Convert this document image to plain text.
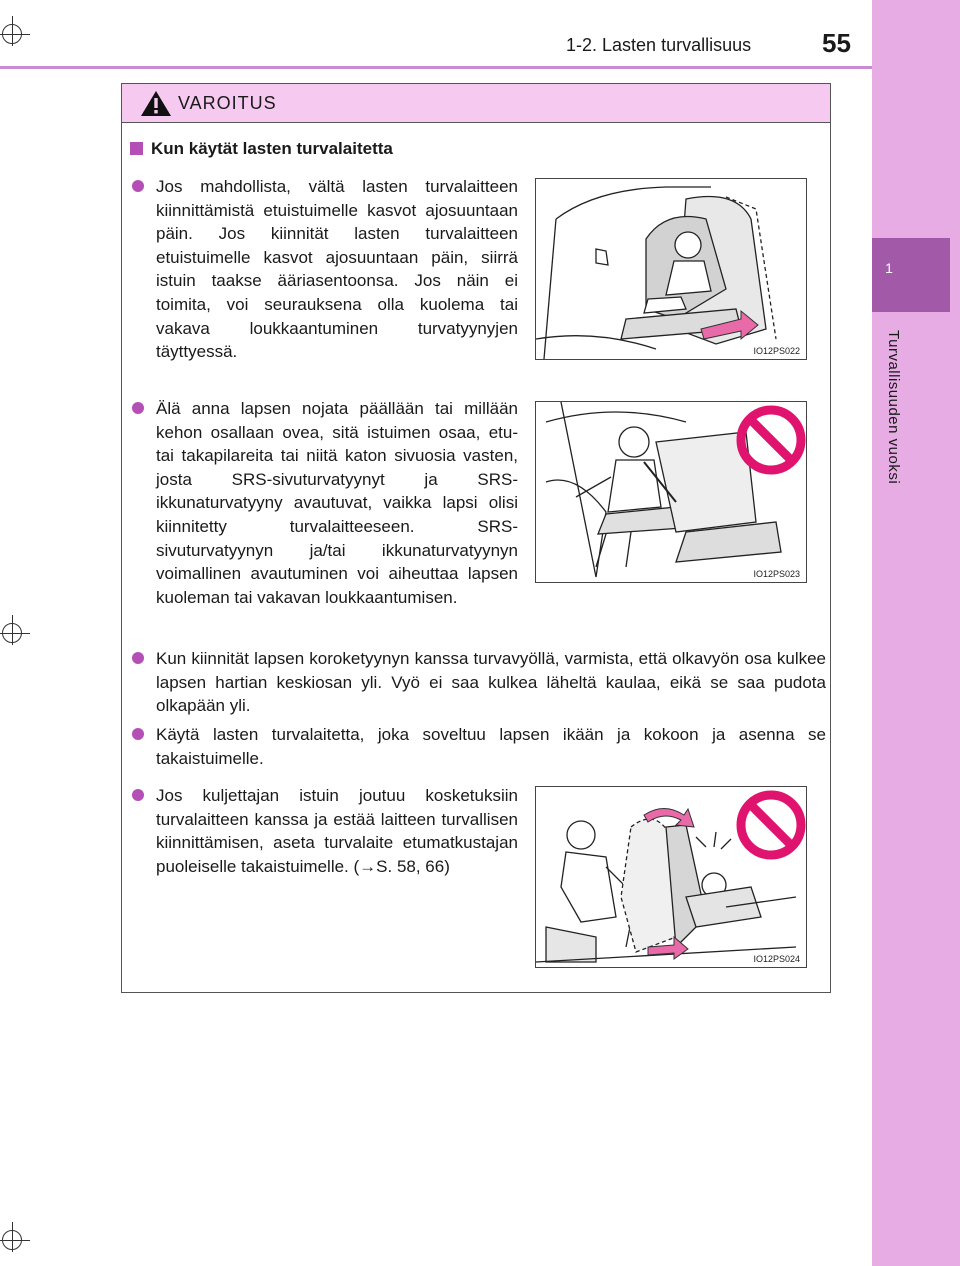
1
Turvallisuuden vuoksi
1-2. Lasten turvallisuus	55
VAROITUS
Kun käytät lasten turvalaitetta
Jos mahdollista, vältä lasten turvalaitteen kiinnittämistä etuistuimelle kasvot ajosuuntaan päin. Jos kiinnität lasten turvalaitteen etuistuimelle kasvot ajosuuntaan päin, siirrä istuin taakse ääriasentoonsa. Jos näin ei toimita, voi seurauksena olla kuolema tai vakava loukkaantuminen turvatyynyjen täyttyessä.
Älä anna lapsen nojata päällään tai millään kehon osallaan ovea, sitä istuimen osaa, etu- tai takapilareita tai niitä katon sivuosia vasten, josta SRS-sivuturvatyynyt ja SRS-ikkunaturvatyyny avautuvat, vaikka lapsi olisi kiinnitetty turvalaitteeseen. SRS-sivuturvatyynyn ja/tai ikkunaturvatyynyn voimallinen avautuminen voi aiheuttaa lapsen kuoleman tai vakavan loukkaantumisen.
Kun kiinnität lapsen koroketyynyn kanssa turvavyöllä, varmista, että olkavyön osa kulkee lapsen hartian keskiosan yli. Vyö ei saa kulkea läheltä kaulaa, eikä se saa pudota olkapään yli.
Käytä lasten turvalaitetta, joka soveltuu lapsen ikään ja kokoon ja asenna se takaistuimelle.
Jos kuljettajan istuin joutuu kosketuksiin turvalaitteen kanssa ja estää laitteen turvallisen kiinnittämisen, aseta turvalaite etumatkustajan puoleiselle takaistuimelle. (→S. 58, 66)
IO12PS022
IO12PS023
IO12PS024
